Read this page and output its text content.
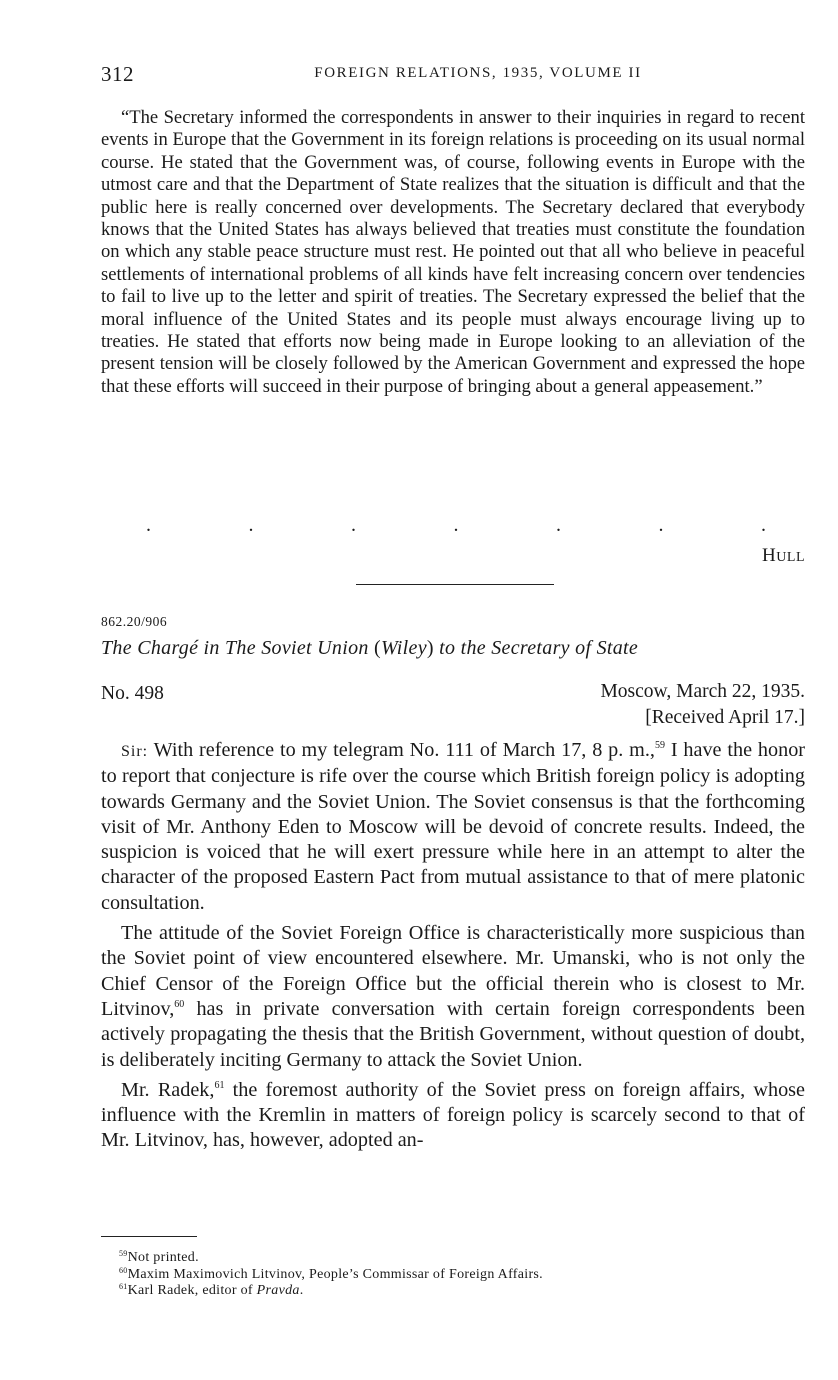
312	FOREIGN RELATIONS, 1935, VOLUME II

“The Secretary informed the correspondents in answer to their inquiries in regard to recent events in Europe that the Government in its foreign relations is proceeding on its usual normal course. He stated that the Government was, of course, following events in Europe with the utmost care and that the Department of State realizes that the situation is difficult and that the public here is really concerned over developments. The Secretary declared that everybody knows that the United States has always believed that treaties must constitute the foundation on which any stable peace structure must rest. He pointed out that all who believe in peaceful settlements of international problems of all kinds have felt increasing concern over tendencies to fail to live up to the letter and spirit of treaties. The Secretary expressed the belief that the moral influence of the United States and its people must always encourage living up to treaties. He stated that efforts now being made in Europe looking to an alleviation of the present tension will be closely followed by the American Government and expressed the hope that these efforts will succeed in their purpose of bringing about a general appeasement.”

.	.	.	.	.	.	.
HULL
862.20/906
The Chargé in The Soviet Union (Wiley) to the Secretary of State
No. 498	Moscow, March 22, 1935.
[Received April 17.]

Sir: With reference to my telegram No. 111 of March 17, 8 p. m.,$^{59}$ I have the honor to report that conjecture is rife over the course which British foreign policy is adopting towards Germany and the Soviet Union. The Soviet consensus is that the forthcoming visit of Mr. Anthony Eden to Moscow will be devoid of concrete results. Indeed, the suspicion is voiced that he will exert pressure while here in an attempt to alter the character of the proposed Eastern Pact from mutual assistance to that of mere platonic consultation.

The attitude of the Soviet Foreign Office is characteristically more suspicious than the Soviet point of view encountered elsewhere. Mr. Umanski, who is not only the Chief Censor of the Foreign Office but the official therein who is closest to Mr. Litvinov,$^{60}$ has in private conversation with certain foreign correspondents been actively propagating the thesis that the British Government, without question of doubt, is deliberately inciting Germany to attack the Soviet Union.

Mr. Radek,$^{61}$ the foremost authority of the Soviet press on foreign affairs, whose influence with the Kremlin in matters of foreign policy is scarcely second to that of Mr. Litvinov, has, however, adopted an-

$^{59}$Not printed.
$^{60}$Maxim Maximovich Litvinov, People’s Commissar of Foreign Affairs.
$^{61}$Karl Radek, editor of Pravda.
